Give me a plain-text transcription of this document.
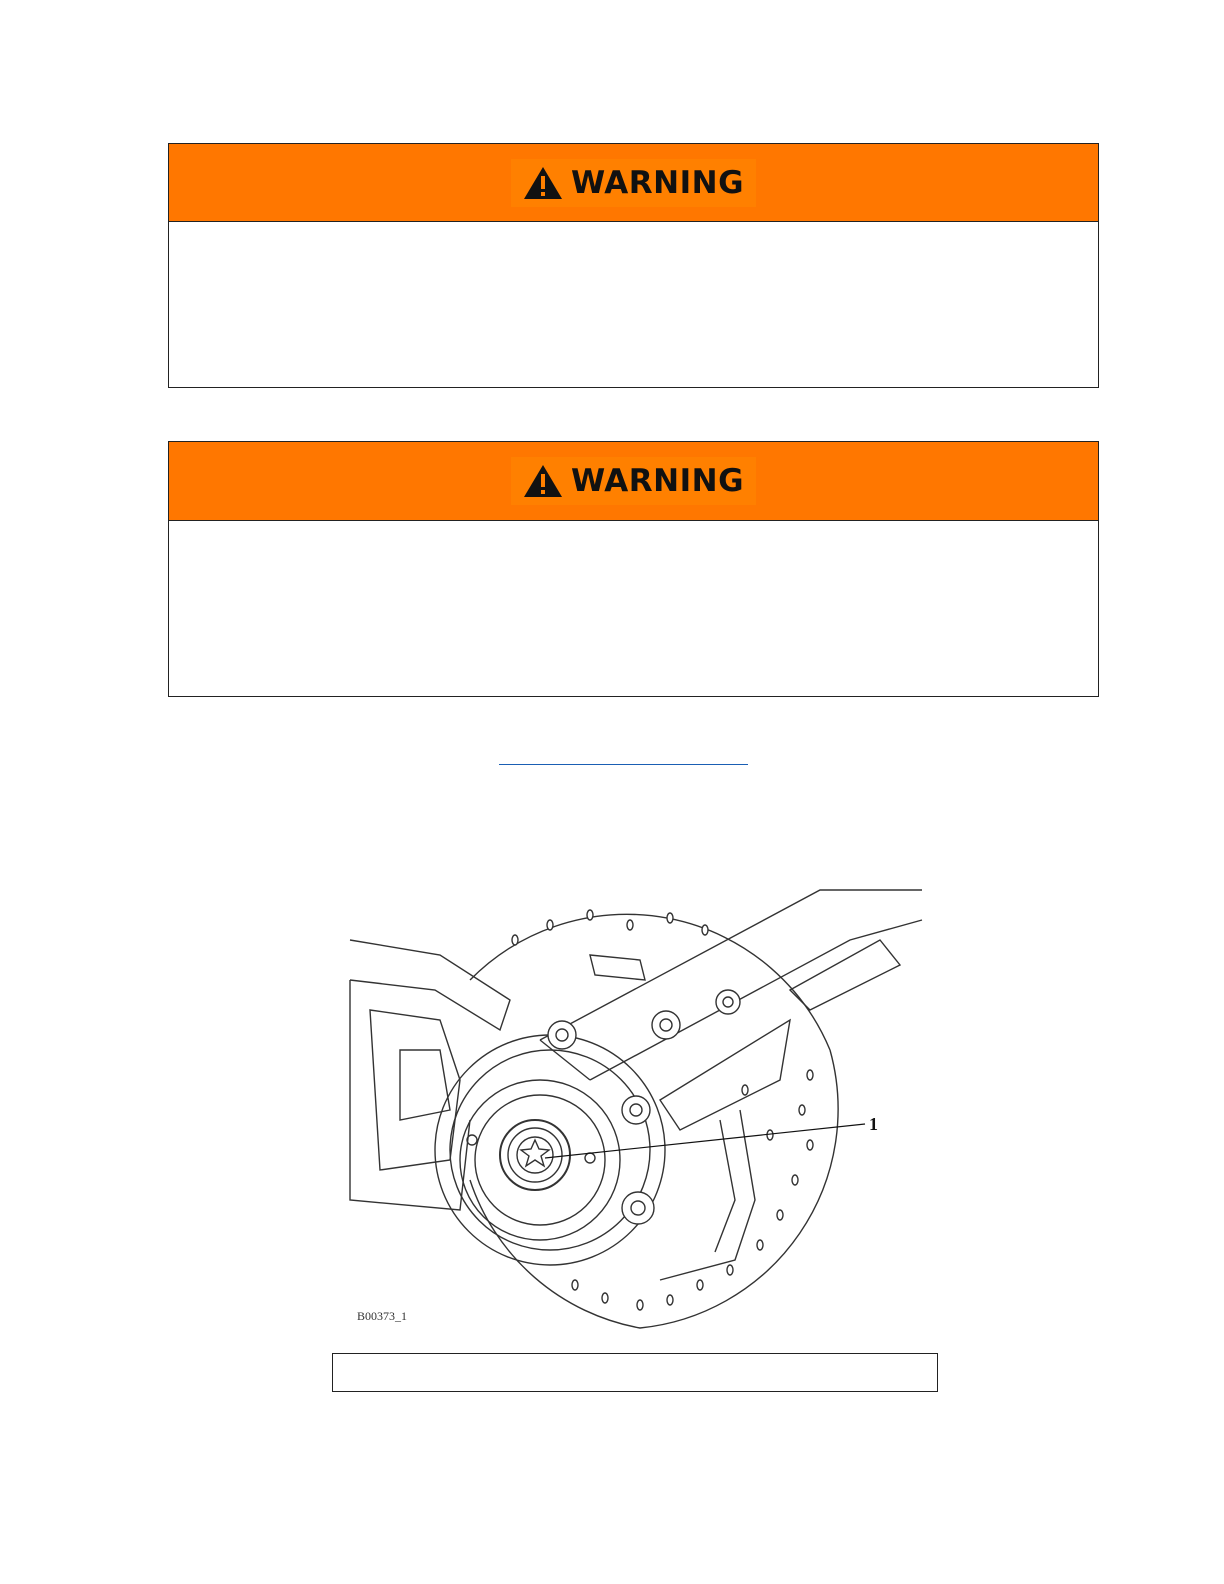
WARNING
WARNING
1
B00373_1
